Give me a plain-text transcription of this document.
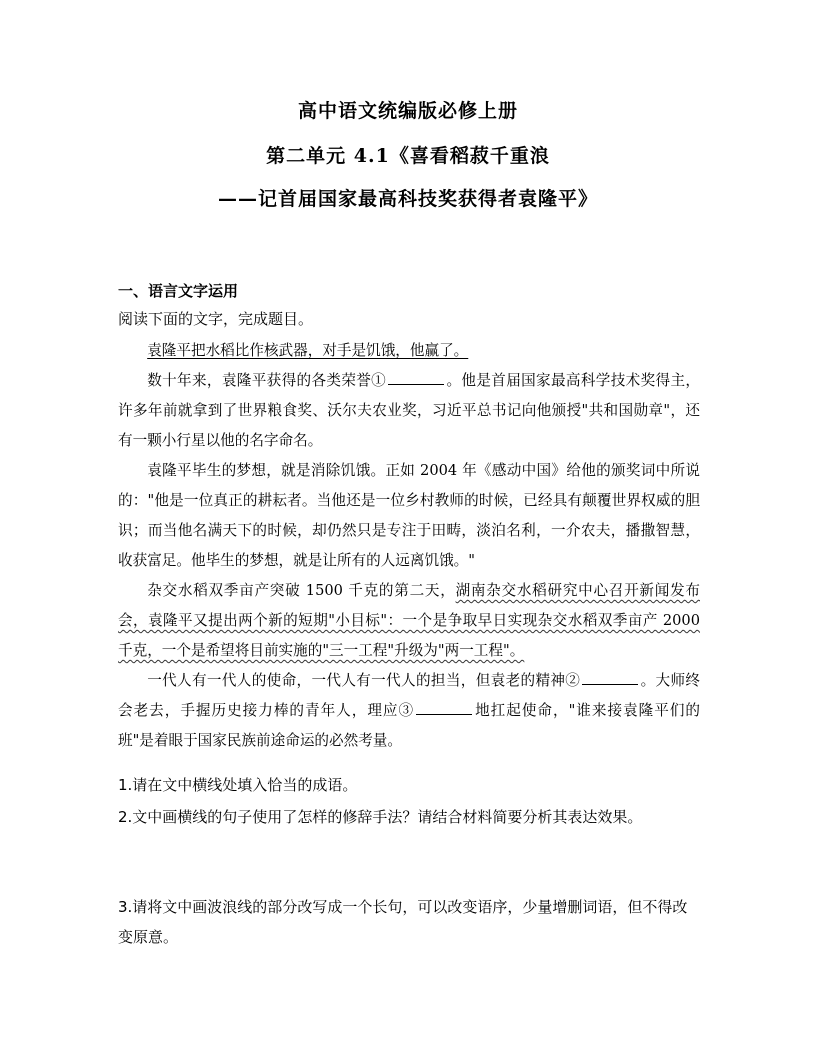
高中语文统编版必修上册
第二单元 4.1《喜看稻菽千重浪
——记首届国家最高科技奖获得者袁隆平》
一、语言文字运用
阅读下面的文字，完成题目。

袁隆平把水稻比作核武器，对手是饥饿，他赢了。

数十年来，袁隆平获得的各类荣誉①	。他是首届国家最高科学技术奖得主，许多年前就拿到了世界粮食奖、沃尔夫农业奖，习近平总书记向他颁授"共和国勋章"，还有一颗小行星以他的名字命名。

袁隆平毕生的梦想，就是消除饥饿。正如 2004 年《感动中国》给他的颁奖词中所说的："他是一位真正的耕耘者。当他还是一位乡村教师的时候，已经具有颠覆世界权威的胆识；而当他名满天下的时候，却仍然只是专注于田畴，淡泊名利，一介农夫，播撒智慧，收获富足。他毕生的梦想，就是让所有的人远离饥饿。"

杂交水稻双季亩产突破 1500 千克的第二天，湖南杂交水稻研究中心召开新闻发布会，袁隆平又提出两个新的短期"小目标"：一个是争取早日实现杂交水稻双季亩产 2000 千克，一个是希望将目前实施的"三一工程"升级为"两一工程"。

一代人有一代人的使命，一代人有一代人的担当，但袁老的精神②	。大师终会老去，手握历史接力棒的青年人，理应③	地扛起使命，"谁来接袁隆平们的班"是着眼于国家民族前途命运的必然考量。

1.请在文中横线处填入恰当的成语。
2.文中画横线的句子使用了怎样的修辞手法？请结合材料简要分析其表达效果。
3.请将文中画波浪线的部分改写成一个长句，可以改变语序，少量增删词语，但不得改变原意。
